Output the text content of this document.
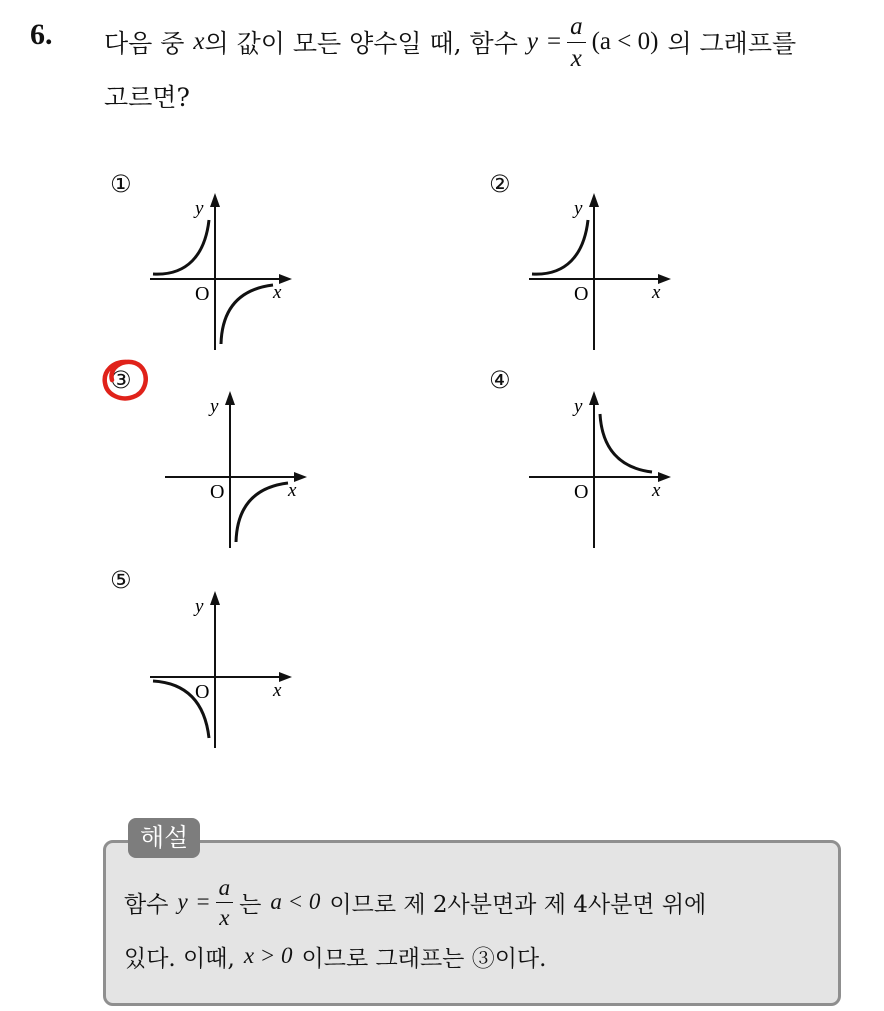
6. 다음 중 x 의 값이 모든 양수일 때, 함수 $y = \frac{a}{x} (a < 0)$ 의 그래프를
고르면?
①	②
③	④
⑤
y
O	x
y
O	x
y
O	x
y
O	x
y
O	x
해설
함수 $y = \frac{a}{x}$ 는 a < 0 이므로 제 2사분면과 제 4사분면 위에
있다. 이때, x > 0 이므로 그래프는 ③이다.
